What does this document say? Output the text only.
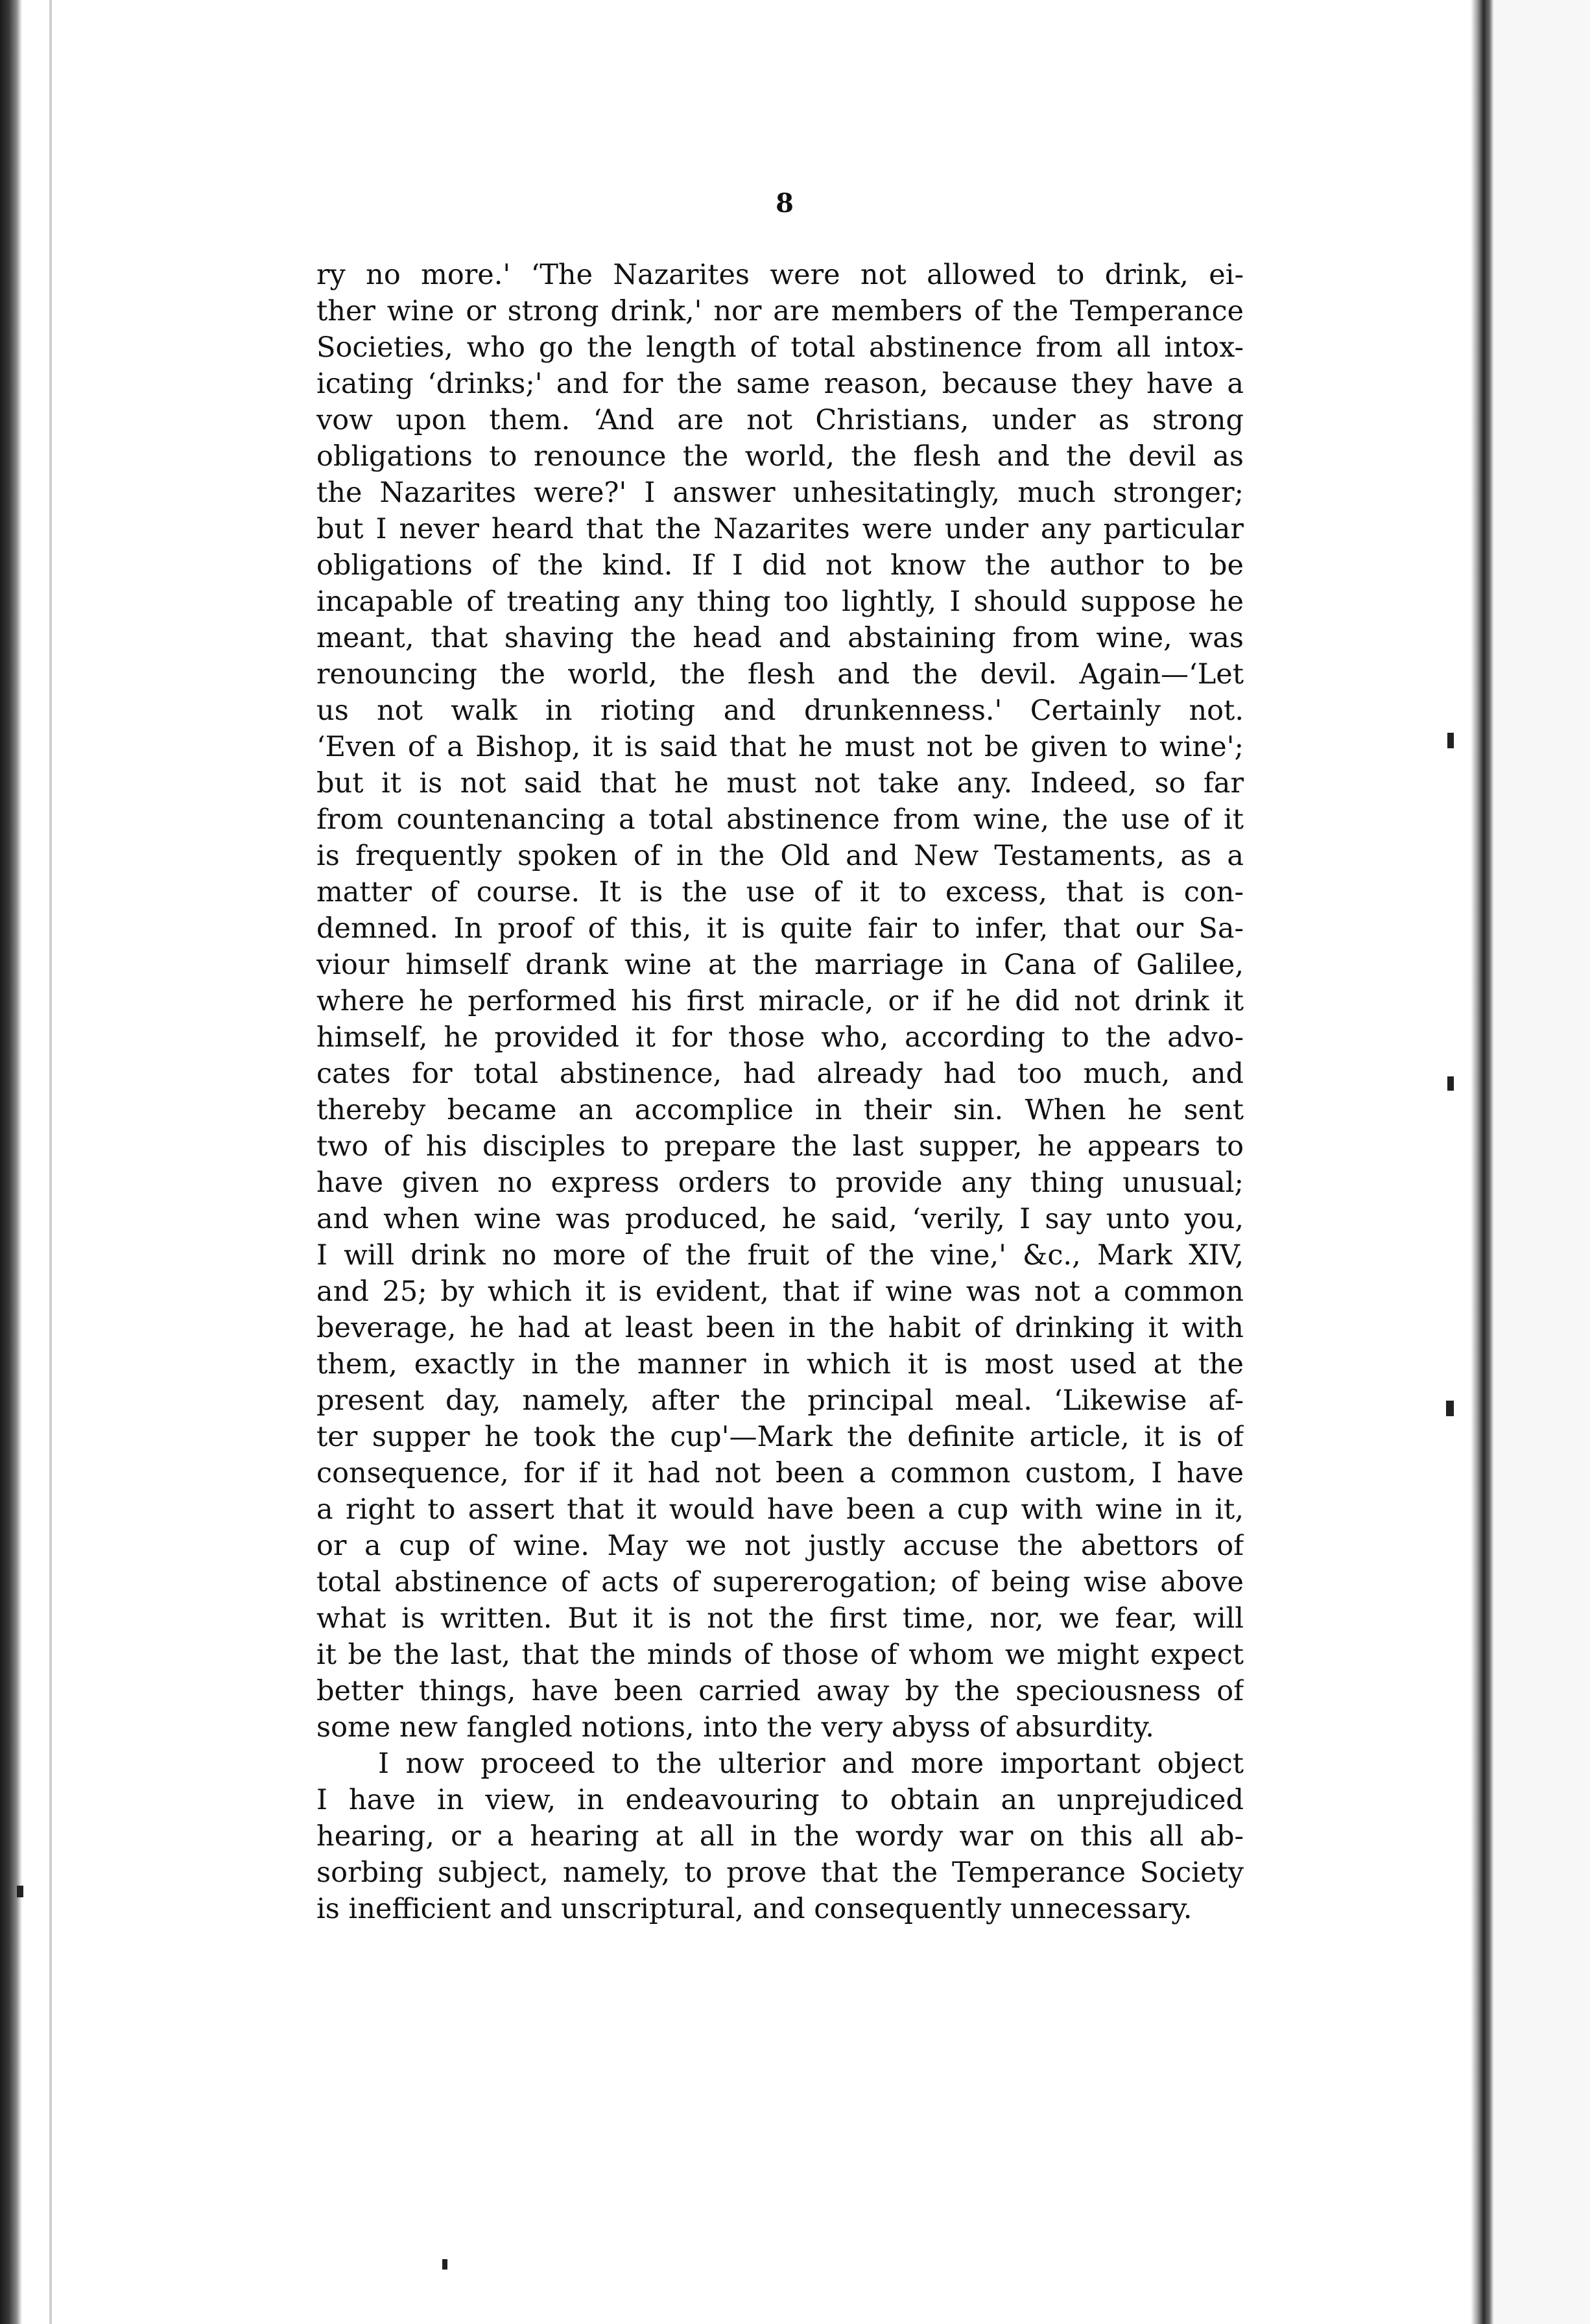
8
ry no more.' ‘The Nazarites were not allowed to drink, ei-
ther wine or strong drink,' nor are members of the Temperance
Societies, who go the length of total abstinence from all intox-
icating ‘drinks;' and for the same reason, because they have a
vow upon them. ‘And are not Christians, under as strong
obligations to renounce the world, the flesh and the devil as
the Nazarites were?' I answer unhesitatingly, much stronger;
but I never heard that the Nazarites were under any particular
obligations of the kind. If I did not know the author to be
incapable of treating any thing too lightly, I should suppose he
meant, that shaving the head and abstaining from wine, was
renouncing the world, the flesh and the devil. Again—‘Let
us not walk in rioting and drunkenness.' Certainly not.
‘Even of a Bishop, it is said that he must not be given to wine';
but it is not said that he must not take any. Indeed, so far
from countenancing a total abstinence from wine, the use of it
is frequently spoken of in the Old and New Testaments, as a
matter of course. It is the use of it to excess, that is con-
demned. In proof of this, it is quite fair to infer, that our Sa-
viour himself drank wine at the marriage in Cana of Galilee,
where he performed his first miracle, or if he did not drink it
himself, he provided it for those who, according to the advo-
cates for total abstinence, had already had too much, and
thereby became an accomplice in their sin. When he sent
two of his disciples to prepare the last supper, he appears to
have given no express orders to provide any thing unusual;
and when wine was produced, he said, ‘verily, I say unto you,
I will drink no more of the fruit of the vine,' &c., Mark XIV,
and 25; by which it is evident, that if wine was not a common
beverage, he had at least been in the habit of drinking it with
them, exactly in the manner in which it is most used at the
present day, namely, after the principal meal. ‘Likewise af-
ter supper he took the cup'—Mark the definite article, it is of
consequence, for if it had not been a common custom, I have
a right to assert that it would have been a cup with wine in it,
or a cup of wine. May we not justly accuse the abettors of
total abstinence of acts of supererogation; of being wise above
what is written. But it is not the first time, nor, we fear, will
it be the last, that the minds of those of whom we might expect
better things, have been carried away by the speciousness of
some new fangled notions, into the very abyss of absurdity.
I now proceed to the ulterior and more important object
I have in view, in endeavouring to obtain an unprejudiced
hearing, or a hearing at all in the wordy war on this all ab-
sorbing subject, namely, to prove that the Temperance Society
is inefficient and unscriptural, and consequently unnecessary.
